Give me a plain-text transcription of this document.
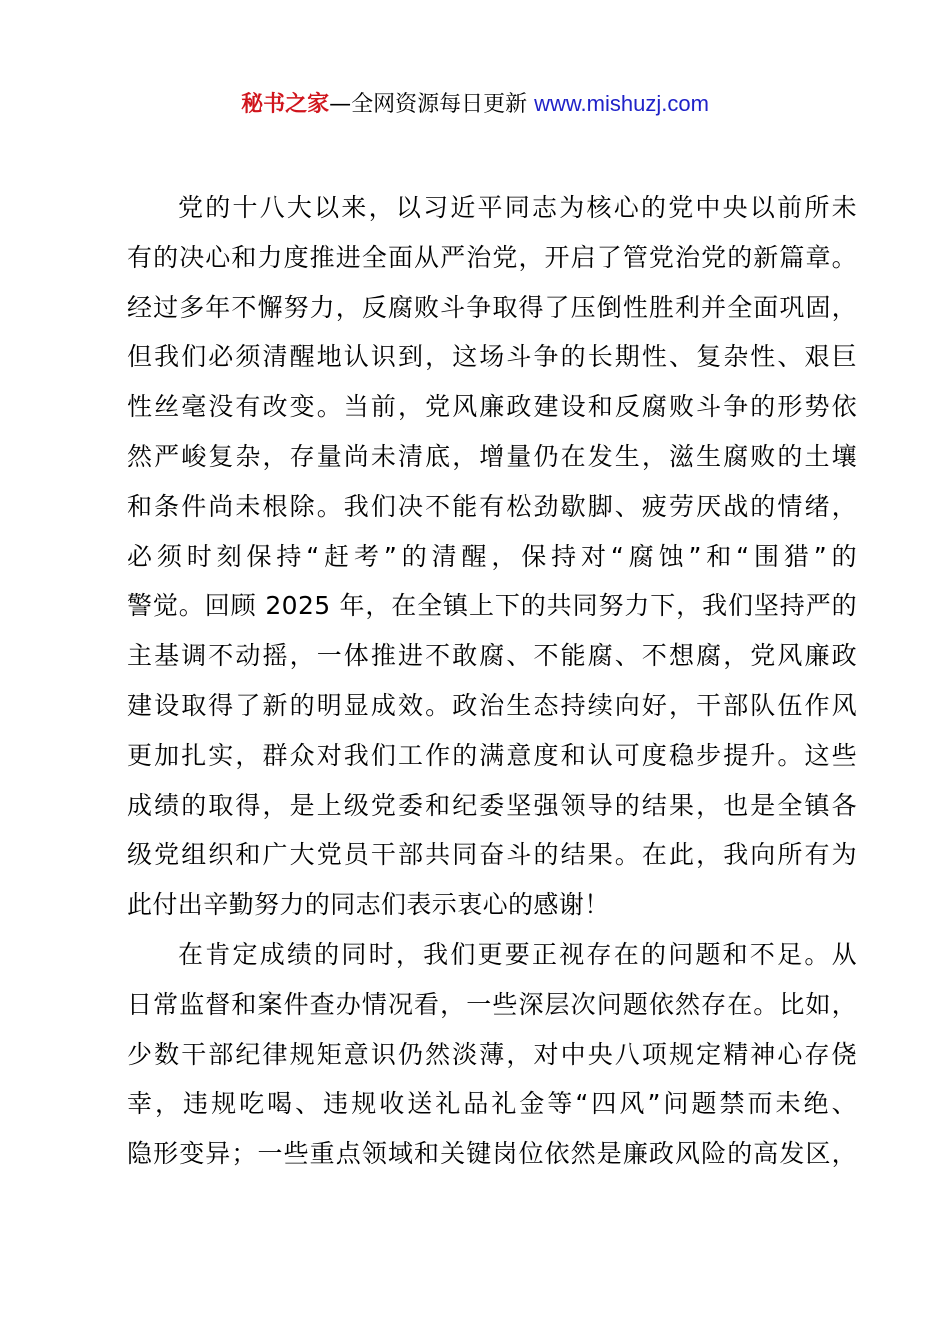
秘书之家—全网资源每日更新 www.mishuzj.com
党的十八大以来，以习近平同志为核心的党中央以前所未
有的决心和力度推进全面从严治党，开启了管党治党的新篇章。
经过多年不懈努力，反腐败斗争取得了压倒性胜利并全面巩固，
但我们必须清醒地认识到，这场斗争的长期性、复杂性、艰巨
性丝毫没有改变。当前，党风廉政建设和反腐败斗争的形势依
然严峻复杂，存量尚未清底，增量仍在发生，滋生腐败的土壤
和条件尚未根除。我们决不能有松劲歇脚、疲劳厌战的情绪，
必须时刻保持“赶考”的清醒，保持对“腐蚀”和“围猎”的
警觉。回顾 2025 年，在全镇上下的共同努力下，我们坚持严的
主基调不动摇，一体推进不敢腐、不能腐、不想腐，党风廉政
建设取得了新的明显成效。政治生态持续向好，干部队伍作风
更加扎实，群众对我们工作的满意度和认可度稳步提升。这些
成绩的取得，是上级党委和纪委坚强领导的结果，也是全镇各
级党组织和广大党员干部共同奋斗的结果。在此，我向所有为
此付出辛勤努力的同志们表示衷心的感谢！
在肯定成绩的同时，我们更要正视存在的问题和不足。从
日常监督和案件查办情况看，一些深层次问题依然存在。比如，
少数干部纪律规矩意识仍然淡薄，对中央八项规定精神心存侥
幸，违规吃喝、违规收送礼品礼金等“四风”问题禁而未绝、
隐形变异；一些重点领域和关键岗位依然是廉政风险的高发区，
